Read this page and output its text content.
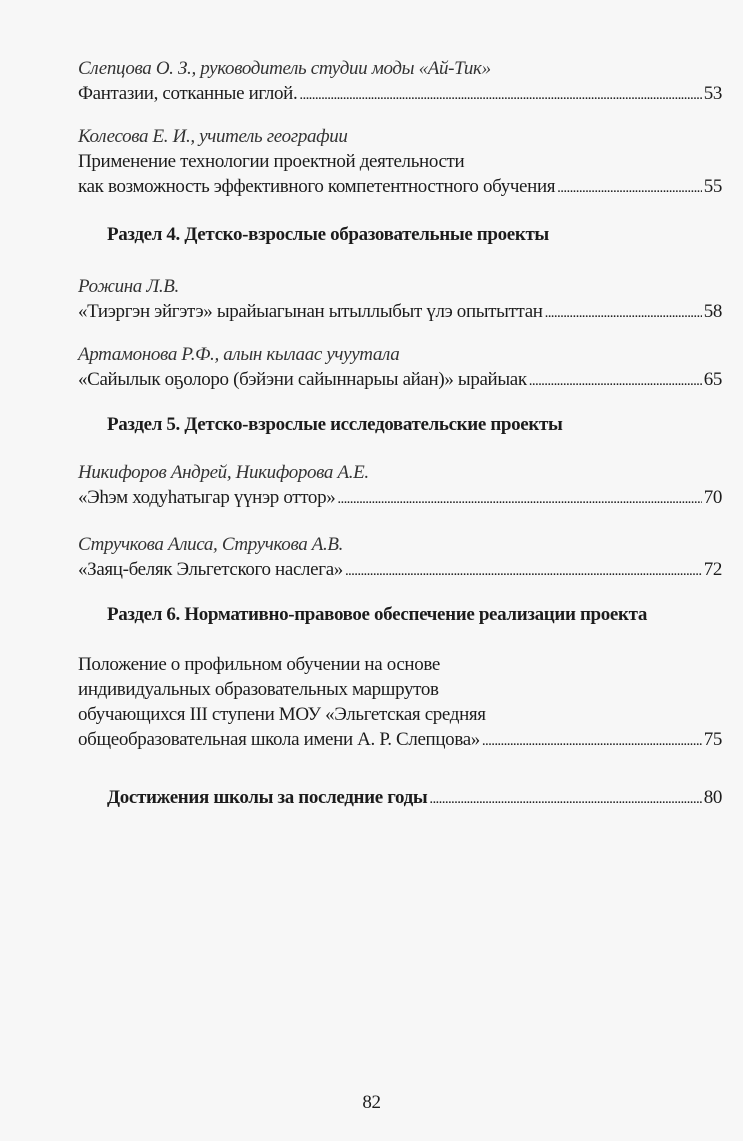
Слепцова О. З., руководитель студии моды «Ай-Тик»
Фантазии, сотканные иглой. . . .	53
Колесова Е. И., учитель географии
Применение технологии проектной деятельности
как возможность эффективного компетентностного обучения . . .	55
Раздел 4. Детско-взрослые образовательные проекты
Рожина Л.В.
«Тиэргэн эйгэтэ» ырайыагынан ытыллыбыт үлэ опытыттан . . .	58
Артамонова Р.Ф., алын кылаас учуутала
«Сайылык оҕолоро (бэйэни сайыннарыы айан)» ырайыак . . .	65
Раздел 5. Детско-взрослые исследовательские проекты
Никифоров Андрей, Никифорова А.Е.
«Эһэм ходуһатыгар үүнэр оттор» . . .	70
Стручкова Алиса, Стручкова А.В.
«Заяц-беляк Эльгетского наслега» . . .	72
Раздел 6. Нормативно-правовое обеспечение реализации проекта
Положение о профильном обучении на основе
индивидуальных образовательных маршрутов
обучающихся III ступени МОУ «Эльгетская средняя
общеобразовательная школа имени А. Р. Слепцова» . . .	75
Достижения школы за последние годы . . .	80
82
